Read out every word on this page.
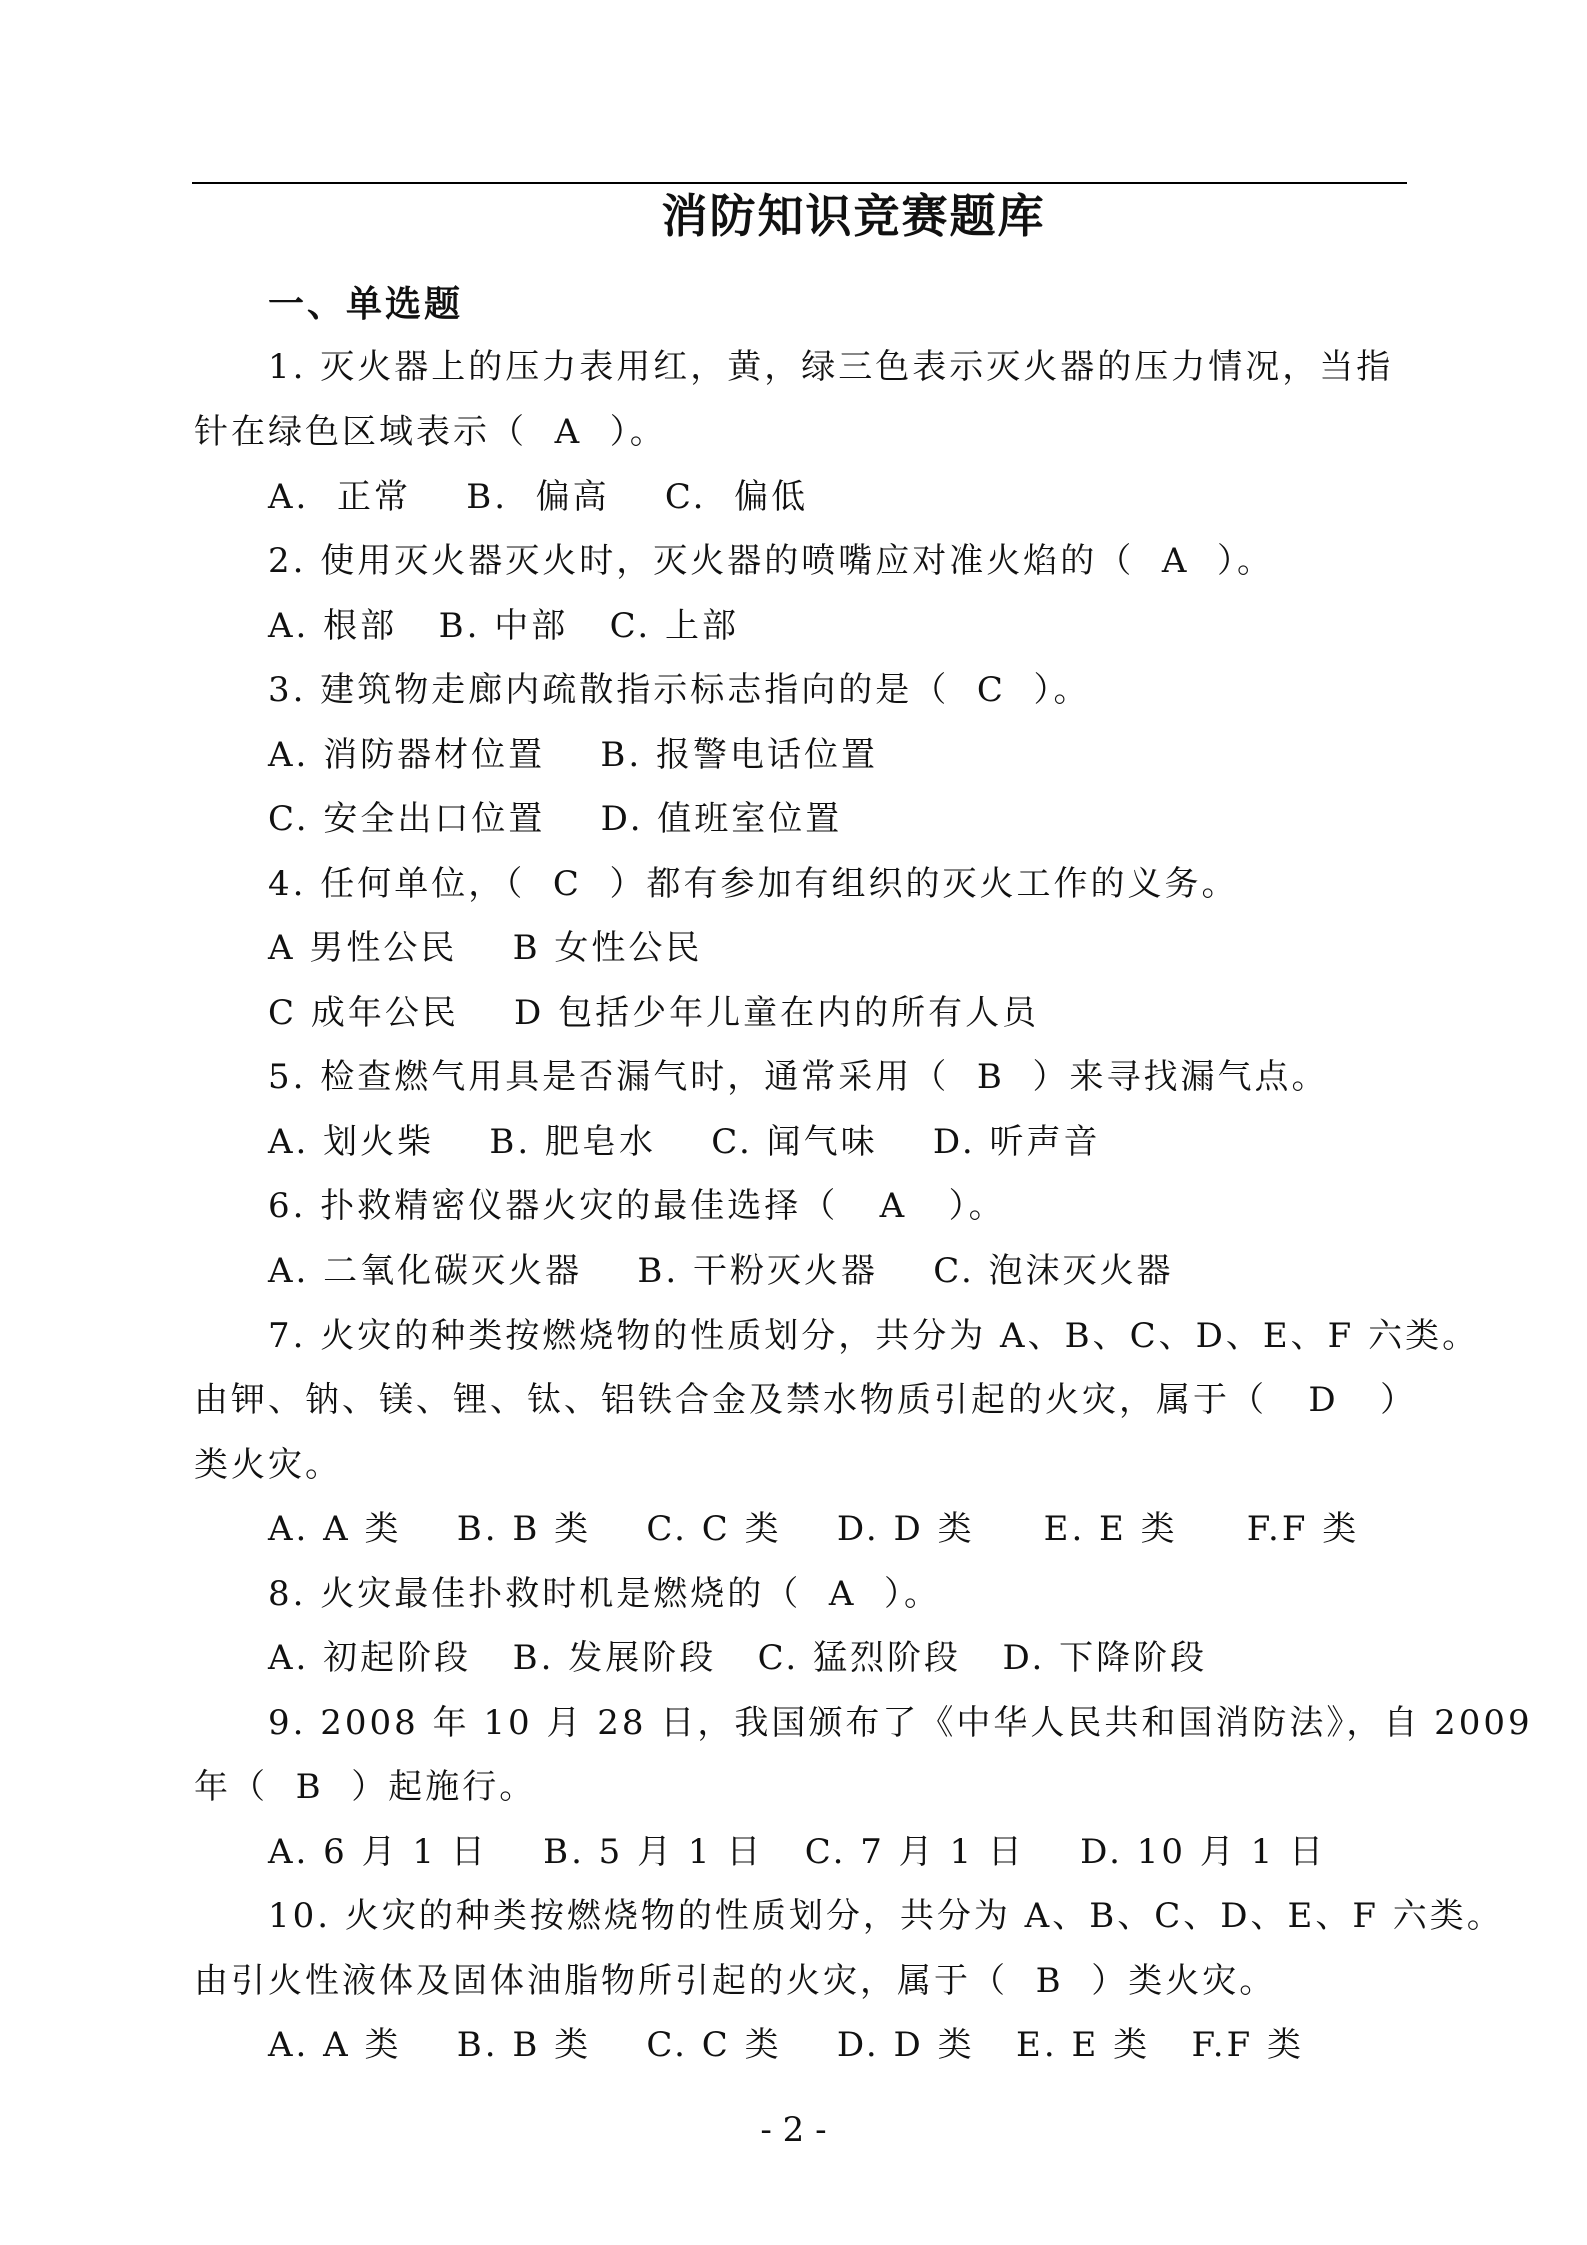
消防知识竞赛题库
一、单选题
1. 灭火器上的压力表用红，黄，绿三色表示灭火器的压力情况，当指
针在绿色区域表示（  A  ）。
A.  正常    B.  偏高    C.  偏低
2. 使用灭火器灭火时，灭火器的喷嘴应对准火焰的（  A  ）。
A. 根部   B. 中部   C. 上部
3. 建筑物走廊内疏散指示标志指向的是（  C  ）。
A. 消防器材位置    B. 报警电话位置
C. 安全出口位置    D. 值班室位置
4. 任何单位，（  C  ）都有参加有组织的灭火工作的义务。
A 男性公民    B 女性公民
C 成年公民    D 包括少年儿童在内的所有人员
5. 检查燃气用具是否漏气时，通常采用（  B  ）来寻找漏气点。
A. 划火柴    B. 肥皂水    C. 闻气味    D. 听声音
6. 扑救精密仪器火灾的最佳选择（   A   ）。
A. 二氧化碳灭火器    B. 干粉灭火器    C. 泡沫灭火器
7. 火灾的种类按燃烧物的性质划分，共分为 A、B、C、D、E、F 六类。
由钾、钠、镁、锂、钛、铝铁合金及禁水物质引起的火灾，属于（   D   ）
类火灾。
A. A 类    B. B 类    C. C 类    D. D 类     E. E 类     F.F 类
8. 火灾最佳扑救时机是燃烧的（  A  ）。
A. 初起阶段   B. 发展阶段   C. 猛烈阶段   D. 下降阶段
9. 2008 年 10 月 28 日，我国颁布了《中华人民共和国消防法》，自 2009
年（  B  ）起施行。
A. 6 月 1 日    B. 5 月 1 日   C. 7 月 1 日    D. 10 月 1 日
10. 火灾的种类按燃烧物的性质划分，共分为 A、B、C、D、E、F 六类。
由引火性液体及固体油脂物所引起的火灾，属于（  B  ）类火灾。
A. A 类    B. B 类    C. C 类    D. D 类   E. E 类   F.F 类
- 2 -
